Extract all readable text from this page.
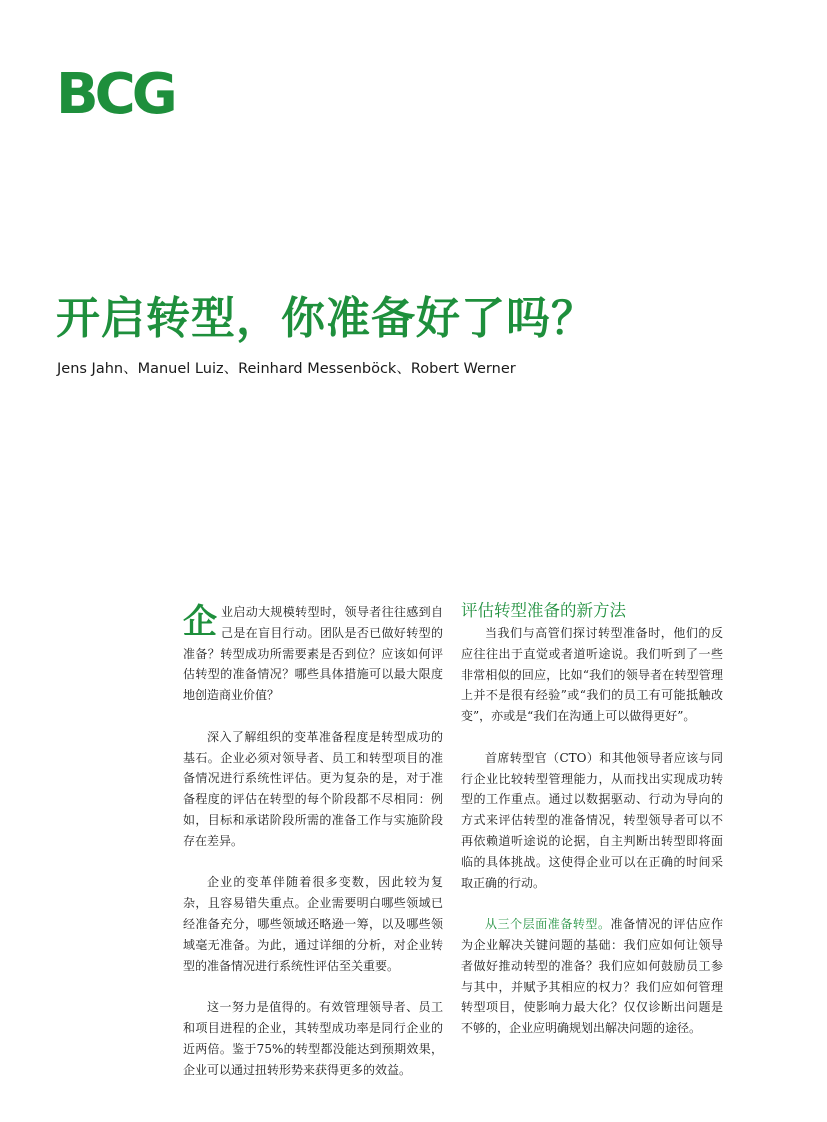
BCG
开启转型，你准备好了吗？
Jens Jahn、Manuel Luiz、Reinhard Messenböck、Robert Werner

企业启动大规模转型时，领导者往往感到自己是在盲目行动。团队是否已做好转型的准备？转型成功所需要素是否到位？应该如何评估转型的准备情况？哪些具体措施可以最大限度地创造商业价值？

深入了解组织的变革准备程度是转型成功的基石。企业必须对领导者、员工和转型项目的准备情况进行系统性评估。更为复杂的是，对于准备程度的评估在转型的每个阶段都不尽相同：例如，目标和承诺阶段所需的准备工作与实施阶段存在差异。

企业的变革伴随着很多变数，因此较为复杂，且容易错失重点。企业需要明白哪些领域已经准备充分，哪些领域还略逊一筹，以及哪些领域毫无准备。为此，通过详细的分析，对企业转型的准备情况进行系统性评估至关重要。

这一努力是值得的。有效管理领导者、员工和项目进程的企业，其转型成功率是同行企业的近两倍。鉴于75%的转型都没能达到预期效果，企业可以通过扭转形势来获得更多的效益。

评估转型准备的新方法

当我们与高管们探讨转型准备时，他们的反应往往出于直觉或者道听途说。我们听到了一些非常相似的回应，比如“我们的领导者在转型管理上并不是很有经验”或“我们的员工有可能抵触改变”，亦或是“我们在沟通上可以做得更好”。

首席转型官（CTO）和其他领导者应该与同行企业比较转型管理能力，从而找出实现成功转型的工作重点。通过以数据驱动、行动为导向的方式来评估转型的准备情况，转型领导者可以不再依赖道听途说的论据，自主判断出转型即将面临的具体挑战。这使得企业可以在正确的时间采取正确的行动。

从三个层面准备转型。准备情况的评估应作为企业解决关键问题的基础：我们应如何让领导者做好推动转型的准备？我们应如何鼓励员工参与其中，并赋予其相应的权力？我们应如何管理转型项目，使影响力最大化？仅仅诊断出问题是不够的，企业应明确规划出解决问题的途径。
